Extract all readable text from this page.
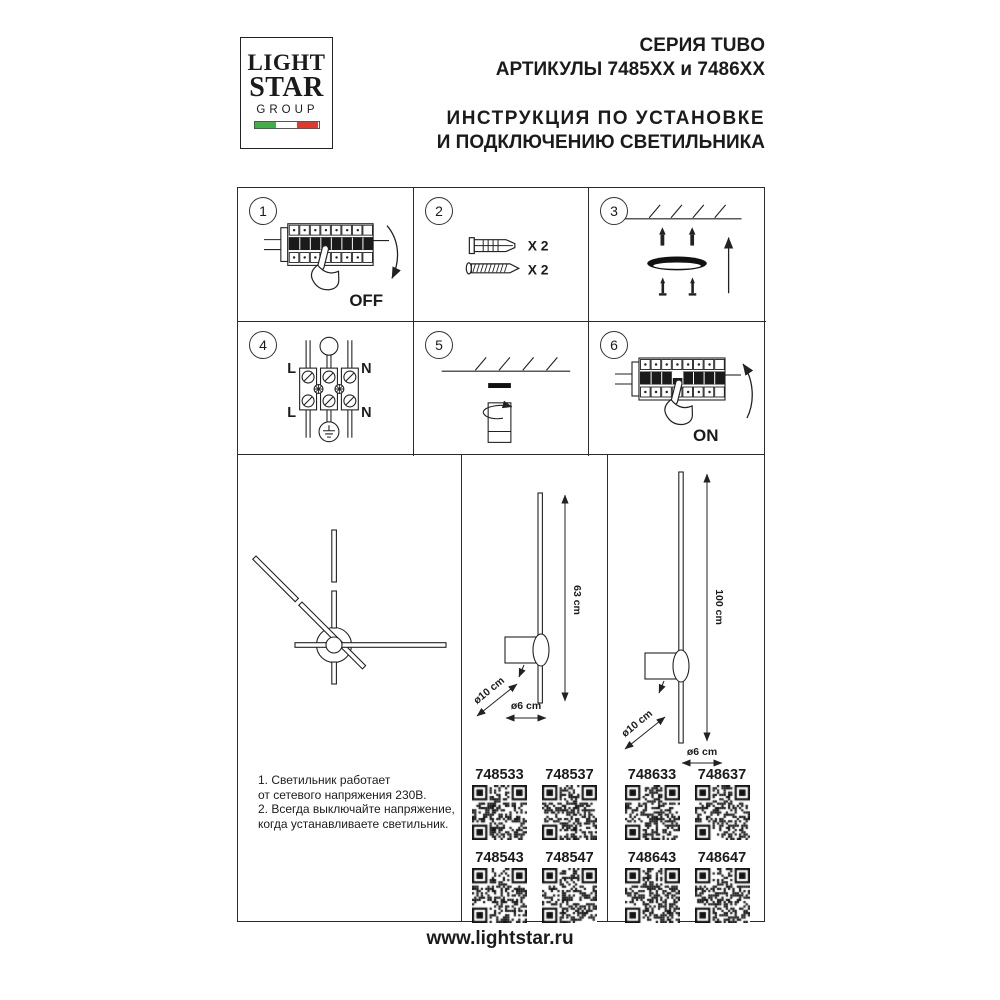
LIGHT
STAR
GROUP
СЕРИЯ TUBO
АРТИКУЛЫ 7485XX и 7486XX
ИНСТРУКЦИЯ ПО УСТАНОВКЕ
И ПОДКЛЮЧЕНИЮ СВЕТИЛЬНИКА
1
OFF
2
X 2
X 2
3
4
L	N
L	N
5	6
ON
1. Светильник работает
от сетевого напряжения 230В.
2. Всегда выключайте напряжение,
когда устанавливаете светильник.
63 cm
ø10 cm ø6 cm
748533	748537
748543	748547
100 cm
ø10 cm
ø6 cm
748633	748637
748643	748647
www.lightstar.ru
